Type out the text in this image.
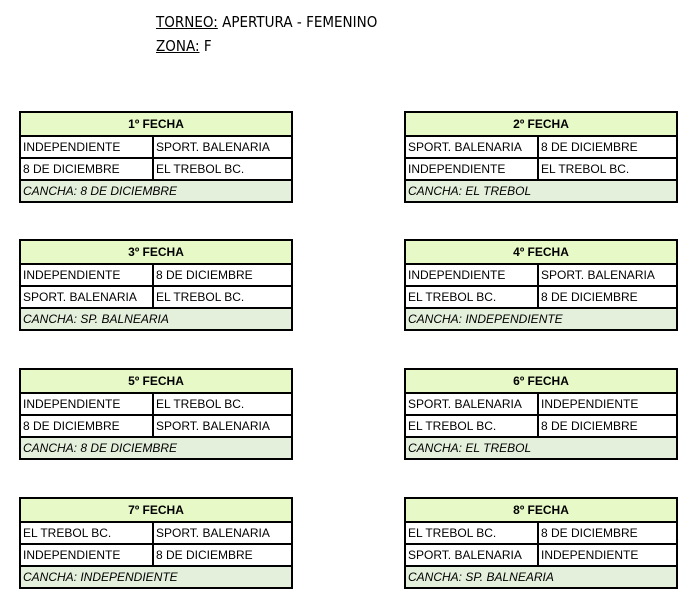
TORNEO: APERTURA - FEMENINO
ZONA: F
1º FECHA	
INDEPENDIENTE	SPORT. BALENARIA
8 DE DICIEMBRE	EL TREBOL BC.
CANCHA: 8 DE DICIEMBRE	
2º FECHA	
SPORT. BALENARIA	8 DE DICIEMBRE
INDEPENDIENTE	EL TREBOL BC.
CANCHA: EL TREBOL	
3º FECHA	
INDEPENDIENTE	8 DE DICIEMBRE
SPORT. BALENARIA	EL TREBOL BC.
CANCHA: SP. BALNEARIA	
4º FECHA	
INDEPENDIENTE	SPORT. BALENARIA
EL TREBOL BC.	8 DE DICIEMBRE
CANCHA: INDEPENDIENTE	
5º FECHA	
INDEPENDIENTE	EL TREBOL BC.
8 DE DICIEMBRE	SPORT. BALENARIA
CANCHA: 8 DE DICIEMBRE	
6º FECHA	
SPORT. BALENARIA	INDEPENDIENTE
EL TREBOL BC.	8 DE DICIEMBRE
CANCHA: EL TREBOL	
7º FECHA	
EL TREBOL BC.	SPORT. BALENARIA
INDEPENDIENTE	8 DE DICIEMBRE
CANCHA: INDEPENDIENTE	
8º FECHA	
EL TREBOL BC.	8 DE DICIEMBRE
SPORT. BALENARIA	INDEPENDIENTE
CANCHA: SP. BALNEARIA	
